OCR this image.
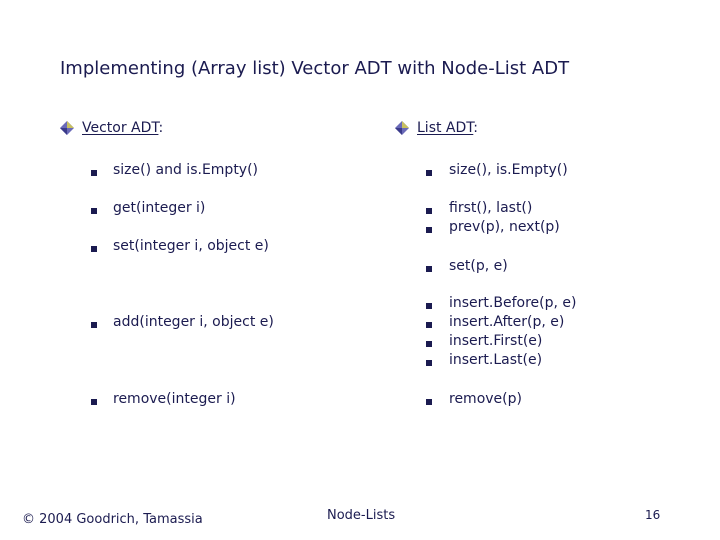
Implementing (Array list) Vector ADT with Node-List ADT
Vector ADT:	List ADT:
size() and is.Empty()
get(integer i)
set(integer i, object e)
add(integer i, object e)
remove(integer i)
size(), is.Empty()
first(), last()
prev(p), next(p)
set(p, e)
insert.Before(p, e)
insert.After(p, e)
insert.First(e)
insert.Last(e)
remove(p)
© 2004 Goodrich, Tamassia	Node-Lists	16
